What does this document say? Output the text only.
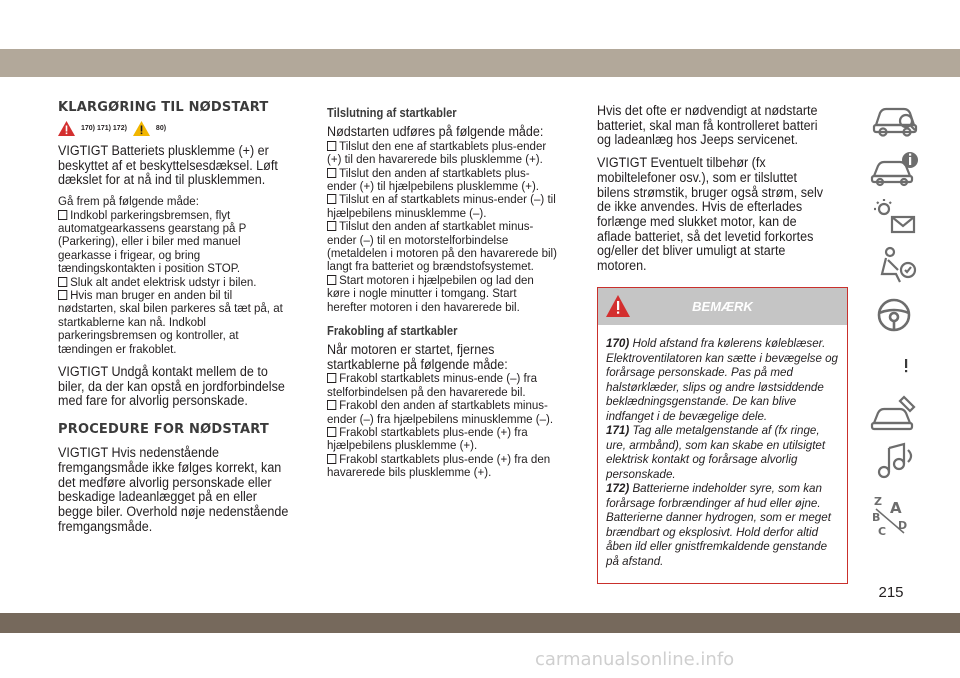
KLARGØRING TIL NØDSTART
170) 171) 172)	80)

VIGTIGT Batteriets plusklemme (+) er beskyttet af et beskyttelsesdæksel. Løft dækslet for at nå ind til plusklemmen.

Gå frem på følgende måde:

Indkobl parkeringsbremsen, flyt automatgearkassens gearstang på P (Parkering), eller i biler med manuel gearkasse i frigear, og bring tændingskontakten i position STOP.

Sluk alt andet elektrisk udstyr i bilen.

Hvis man bruger en anden bil til nødstarten, skal bilen parkeres så tæt på, at startkablerne kan nå. Indkobl parkeringsbremsen og kontroller, at tændingen er frakoblet.

VIGTIGT Undgå kontakt mellem de to biler, da der kan opstå en jordforbindelse med fare for alvorlig personskade.

PROCEDURE FOR NØDSTART

VIGTIGT Hvis nedenstående fremgangsmåde ikke følges korrekt, kan det medføre alvorlig personskade eller beskadige ladeanlægget på en eller begge biler. Overhold nøje nedenstående fremgangsmåde.

Tilslutning af startkabler

Nødstarten udføres på følgende måde:

Tilslut den ene af startkablets plus-ender (+) til den havarerede bils plusklemme (+).

Tilslut den anden af startkablets plus-ender (+) til hjælpebilens plusklemme (+).

Tilslut en af startkablets minus-ender (–) til hjælpebilens minusklemme (–).

Tilslut den anden af startkablet minus-ender (–) til en motorstelforbindelse (metaldelen i motoren på den havarerede bil) langt fra batteriet og brændstofsystemet.

Start motoren i hjælpebilen og lad den køre i nogle minutter i tomgang. Start herefter motoren i den havarerede bil.

Frakobling af startkabler

Når motoren er startet, fjernes startkablerne på følgende måde:

Frakobl startkablets minus-ende (–) fra stelforbindelsen på den havarerede bil.

Frakobl den anden af startkablets minus-ender (–) fra hjælpebilens minusklemme (–).

Frakobl startkablets plus-ende (+) fra hjælpebilens plusklemme (+).

Frakobl startkablets plus-ende (+) fra den havarerede bils plusklemme (+).

Hvis det ofte er nødvendigt at nødstarte batteriet, skal man få kontrolleret batteri og ladeanlæg hos Jeeps servicenet.

VIGTIGT Eventuelt tilbehør (fx mobiltelefoner osv.), som er tilsluttet bilens strømstik, bruger også strøm, selv de ikke anvendes. Hvis de efterlades forlænge med slukket motor, kan de aflade batteriet, så det levetid forkortes og/eller det bliver umuligt at starte motoren.

BEMÆRK

170) Hold afstand fra kølerens køleblæser. Elektroventilatoren kan sætte i bevægelse og forårsage personskade. Pas på med halstørklæder, slips og andre løstsiddende beklædningsgenstande. De kan blive indfanget i de bevægelige dele.

171) Tag alle metalgenstande af (fx ringe, ure, armbånd), som kan skabe en utilsigtet elektrisk kontakt og forårsage alvorlig personskade.

172) Batterierne indeholder syre, som kan forårsage forbrændinger af hud eller øjne. Batterierne danner hydrogen, som er meget brændbart og eksplosivt. Hold derfor altid åben ild eller gnistfremkaldende genstande på afstand.

Z A
B
C D
215
carmanualsonline.info
